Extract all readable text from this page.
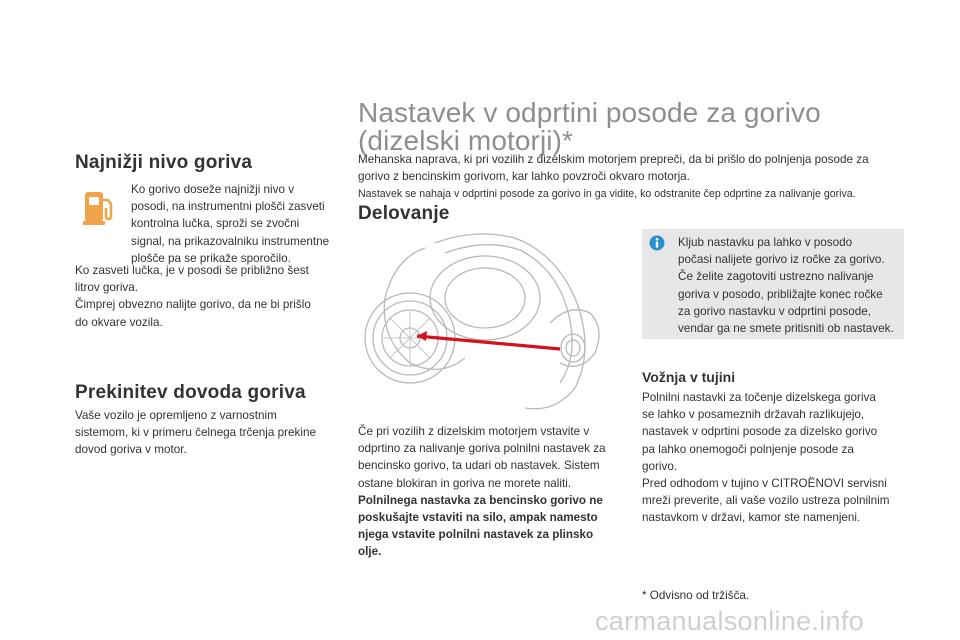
Najnižji nivo goriva

Ko gorivo doseže najnižji nivo v

posodi, na instrumentni plošči zasveti

kontrolna lučka, sproži se zvočni

signal, na prikazovalniku instrumentne

plošče pa se prikaže sporočilo.

Ko zasveti lučka, je v posodi še približno šest

litrov goriva.

Čimprej obvezno nalijte gorivo, da ne bi prišlo

do okvare vozila.

Prekinitev dovoda goriva

Vaše vozilo je opremljeno z varnostnim

sistemom, ki v primeru čelnega trčenja prekine

dovod goriva v motor.

Nastavek v odprtini posode za gorivo
(dizelski motorji)*

Mehanska naprava, ki pri vozilih z dizelskim motorjem prepreči, da bi prišlo do polnjenja posode za

gorivo z bencinskim gorivom, kar lahko povzroči okvaro motorja.

Nastavek se nahaja v odprtini posode za gorivo in ga vidite, ko odstranite čep odprtine za nalivanje goriva.

Delovanje

Če pri vozilih z dizelskim motorjem vstavite v

odprtino za nalivanje goriva polnilni nastavek za

bencinsko gorivo, ta udari ob nastavek. Sistem

ostane blokiran in goriva ne morete naliti.

Polnilnega nastavka za bencinsko gorivo ne

poskušajte vstaviti na silo, ampak namesto

njega vstavite polnilni nastavek za plinsko

olje.

Kljub nastavku pa lahko v posodo

počasi nalijete gorivo iz ročke za gorivo.

Če želite zagotoviti ustrezno nalivanje

goriva v posodo, približajte konec ročke

za gorivo nastavku v odprtini posode,

vendar ga ne smete pritisniti ob nastavek.

Vožnja v tujini

Polnilni nastavki za točenje dizelskega goriva

se lahko v posameznih državah razlikujejo,

nastavek v odprtini posode za dizelsko gorivo

pa lahko onemogoči polnjenje posode za

gorivo.

Pred odhodom v tujino v CITROËNOVI servisni

mreži preverite, ali vaše vozilo ustreza polnilnim

nastavkom v državi, kamor ste namenjeni.

* Odvisno od tržišča.

carmanualsonline.info
